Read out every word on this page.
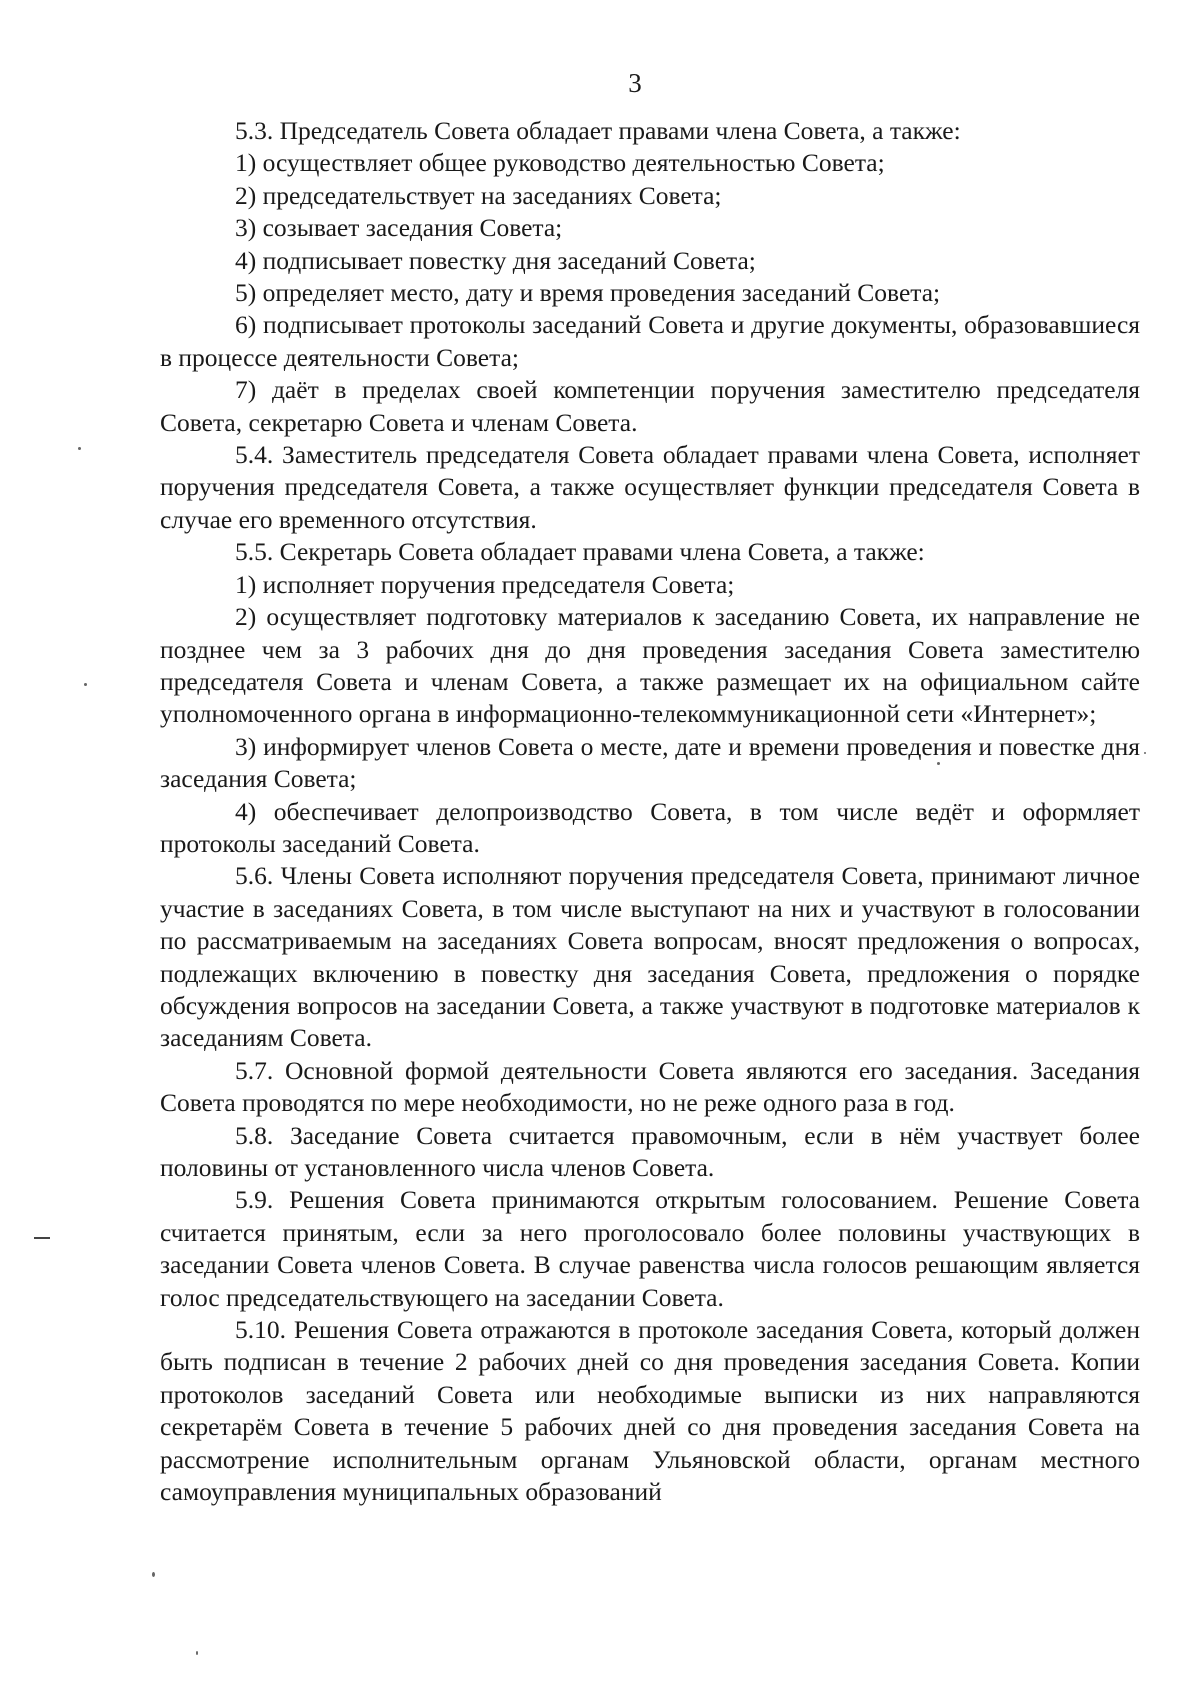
3

5.3. Председатель Совета обладает правами члена Совета, а также:

1) осуществляет общее руководство деятельностью Совета;

2) председательствует на заседаниях Совета;

3) созывает заседания Совета;

4) подписывает повестку дня заседаний Совета;

5) определяет место, дату и время проведения заседаний Совета;

6) подписывает протоколы заседаний Совета и другие документы, образовавшиеся в процессе деятельности Совета;

7) даёт в пределах своей компетенции поручения заместителю председателя Совета, секретарю Совета и членам Совета.

5.4. Заместитель председателя Совета обладает правами члена Совета, исполняет поручения председателя Совета, а также осуществляет функции председателя Совета в случае его временного отсутствия.

5.5. Секретарь Совета обладает правами члена Совета, а также:

1) исполняет поручения председателя Совета;

2) осуществляет подготовку материалов к заседанию Совета, их направление не позднее чем за 3 рабочих дня до дня проведения заседания Совета заместителю председателя Совета и членам Совета, а также размещает их на официальном сайте уполномоченного органа в информационно-телекоммуникационной сети «Интернет»;

3) информирует членов Совета о месте, дате и времени проведения и повестке дня заседания Совета;

4) обеспечивает делопроизводство Совета, в том числе ведёт и оформляет протоколы заседаний Совета.

5.6. Члены Совета исполняют поручения председателя Совета, принимают личное участие в заседаниях Совета, в том числе выступают на них и участвуют в голосовании по рассматриваемым на заседаниях Совета вопросам, вносят предложения о вопросах, подлежащих включению в повестку дня заседания Совета, предложения о порядке обсуждения вопросов на заседании Совета, а также участвуют в подготовке материалов к заседаниям Совета.

5.7. Основной формой деятельности Совета являются его заседания. Заседания Совета проводятся по мере необходимости, но не реже одного раза в год.

5.8. Заседание Совета считается правомочным, если в нём участвует более половины от установленного числа членов Совета.

5.9. Решения Совета принимаются открытым голосованием. Решение Совета считается принятым, если за него проголосовало более половины участвующих в заседании Совета членов Совета. В случае равенства числа голосов решающим является голос председательствующего на заседании Совета.

5.10. Решения Совета отражаются в протоколе заседания Совета, который должен быть подписан в течение 2 рабочих дней со дня проведения заседания Совета. Копии протоколов заседаний Совета или необходимые выписки из них направляются секретарём Совета в течение 5 рабочих дней со дня проведения заседания Совета на рассмотрение исполнительным органам Ульяновской области, органам местного самоуправления муниципальных образований
